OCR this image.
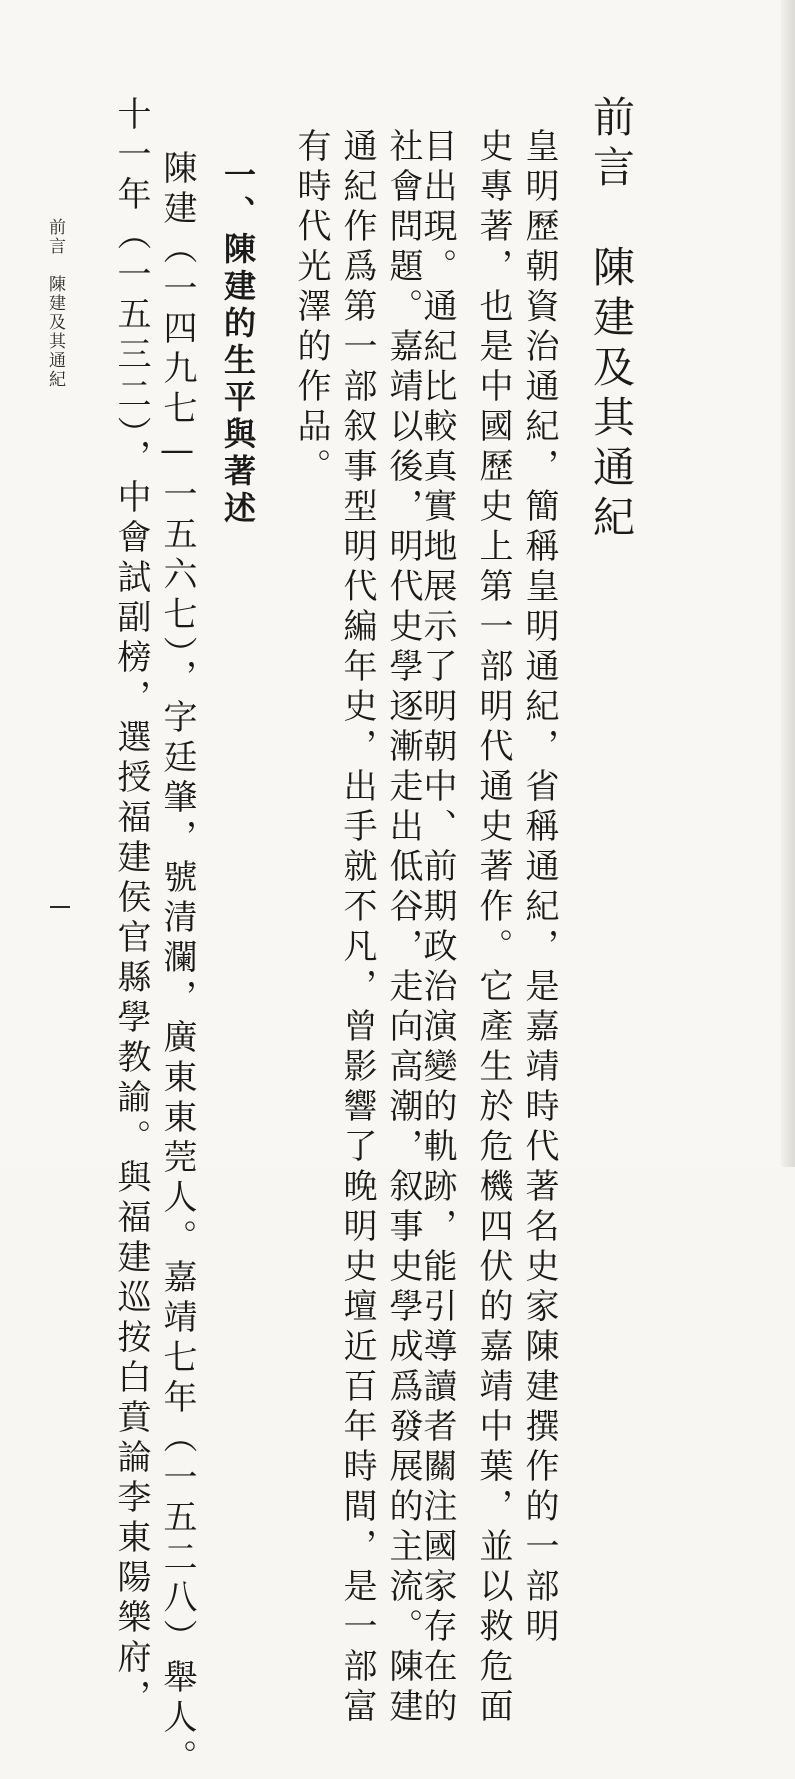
前言　陳建及其通紀
皇明歷朝資治通紀，簡稱皇明通紀，省稱通紀，是嘉靖時代著名史家陳建撰作的一部明
史專著，也是中國歷史上第一部明代通史著作。它產生於危機四伏的嘉靖中葉，並以救危面
目出現。通紀比較真實地展示了明朝中、前期政治演變的軌跡，能引導讀者關注國家存在的
社會問題。嘉靖以後，明代史學逐漸走出低谷，走向高潮，叙事史學成爲發展的主流。陳建
通紀作爲第一部叙事型明代編年史，出手就不凡，曾影響了晚明史壇近百年時間，是一部富
有時代光澤的作品。
一、陳建的生平與著述
陳建（一四九七—一五六七），字廷肇，號清瀾，廣東東莞人。嘉靖七年（一五二八）舉人。
十一年（一五三二），中會試副榜，選授福建侯官縣學教諭。與福建巡按白賁論李東陽樂府，
前言　陳建及其通紀
